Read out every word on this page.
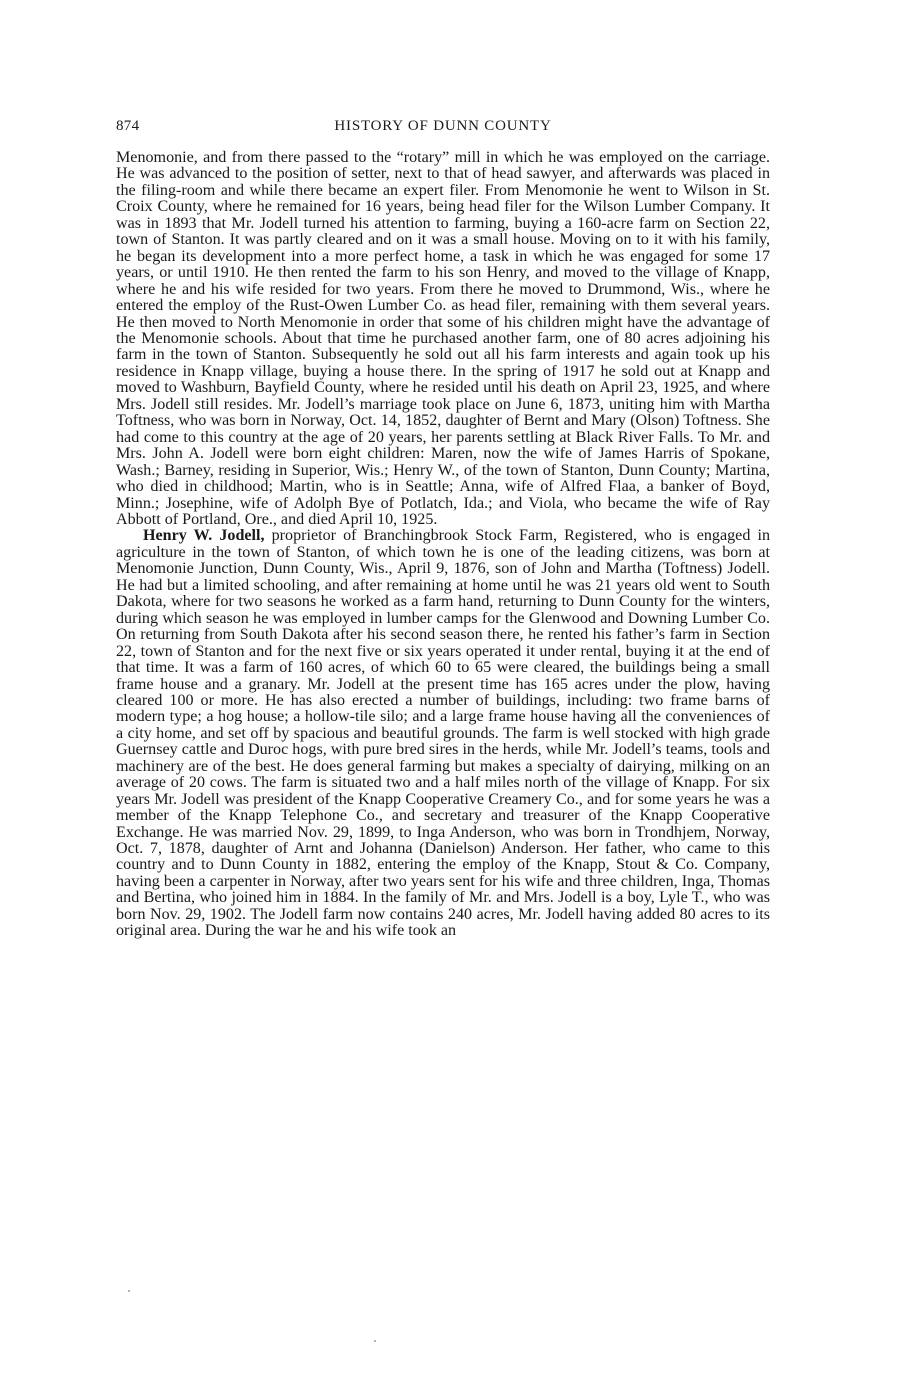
874	HISTORY OF DUNN COUNTY

Menomonie, and from there passed to the “rotary” mill in which he was employed on the carriage. He was advanced to the position of setter, next to that of head sawyer, and afterwards was placed in the filing-room and while there became an expert filer. From Menomonie he went to Wilson in St. Croix County, where he remained for 16 years, being head filer for the Wilson Lumber Company. It was in 1893 that Mr. Jodell turned his attention to farming, buying a 160-acre farm on Section 22, town of Stanton. It was partly cleared and on it was a small house. Moving on to it with his family, he began its development into a more perfect home, a task in which he was engaged for some 17 years, or until 1910. He then rented the farm to his son Henry, and moved to the village of Knapp, where he and his wife resided for two years. From there he moved to Drummond, Wis., where he entered the employ of the Rust-Owen Lumber Co. as head filer, remaining with them several years. He then moved to North Menomonie in order that some of his children might have the advantage of the Menomonie schools. About that time he purchased another farm, one of 80 acres adjoining his farm in the town of Stanton. Subsequently he sold out all his farm interests and again took up his residence in Knapp village, buying a house there. In the spring of 1917 he sold out at Knapp and moved to Washburn, Bayfield County, where he resided until his death on April 23, 1925, and where Mrs. Jodell still resides. Mr. Jodell’s marriage took place on June 6, 1873, uniting him with Martha Toftness, who was born in Norway, Oct. 14, 1852, daughter of Bernt and Mary (Olson) Toftness. She had come to this country at the age of 20 years, her parents settling at Black River Falls. To Mr. and Mrs. John A. Jodell were born eight children: Maren, now the wife of James Harris of Spokane, Wash.; Barney, residing in Superior, Wis.; Henry W., of the town of Stanton, Dunn County; Martina, who died in childhood; Martin, who is in Seattle; Anna, wife of Alfred Flaa, a banker of Boyd, Minn.; Josephine, wife of Adolph Bye of Potlatch, Ida.; and Viola, who became the wife of Ray Abbott of Portland, Ore., and died April 10, 1925.

Henry W. Jodell, proprietor of Branchingbrook Stock Farm, Registered, who is engaged in agriculture in the town of Stanton, of which town he is one of the leading citizens, was born at Menomonie Junction, Dunn County, Wis., April 9, 1876, son of John and Martha (Toftness) Jodell. He had but a limited schooling, and after remaining at home until he was 21 years old went to South Dakota, where for two seasons he worked as a farm hand, returning to Dunn County for the winters, during which season he was employed in lumber camps for the Glenwood and Downing Lumber Co. On returning from South Dakota after his second season there, he rented his father’s farm in Section 22, town of Stanton and for the next five or six years operated it under rental, buying it at the end of that time. It was a farm of 160 acres, of which 60 to 65 were cleared, the buildings being a small frame house and a granary. Mr. Jodell at the present time has 165 acres under the plow, having cleared 100 or more. He has also erected a number of buildings, including: two frame barns of modern type; a hog house; a hollow-tile silo; and a large frame house having all the conveniences of a city home, and set off by spacious and beautiful grounds. The farm is well stocked with high grade Guernsey cattle and Duroc hogs, with pure bred sires in the herds, while Mr. Jodell’s teams, tools and machinery are of the best. He does general farming but makes a specialty of dairying, milking on an average of 20 cows. The farm is situated two and a half miles north of the village of Knapp. For six years Mr. Jodell was president of the Knapp Cooperative Creamery Co., and for some years he was a member of the Knapp Telephone Co., and secretary and treasurer of the Knapp Cooperative Exchange. He was married Nov. 29, 1899, to Inga Anderson, who was born in Trondhjem, Norway, Oct. 7, 1878, daughter of Arnt and Johanna (Danielson) Anderson. Her father, who came to this country and to Dunn County in 1882, entering the employ of the Knapp, Stout & Co. Company, having been a carpenter in Norway, after two years sent for his wife and three children, Inga, Thomas and Bertina, who joined him in 1884. In the family of Mr. and Mrs. Jodell is a boy, Lyle T., who was born Nov. 29, 1902. The Jodell farm now contains 240 acres, Mr. Jodell having added 80 acres to its original area. During the war he and his wife took an
